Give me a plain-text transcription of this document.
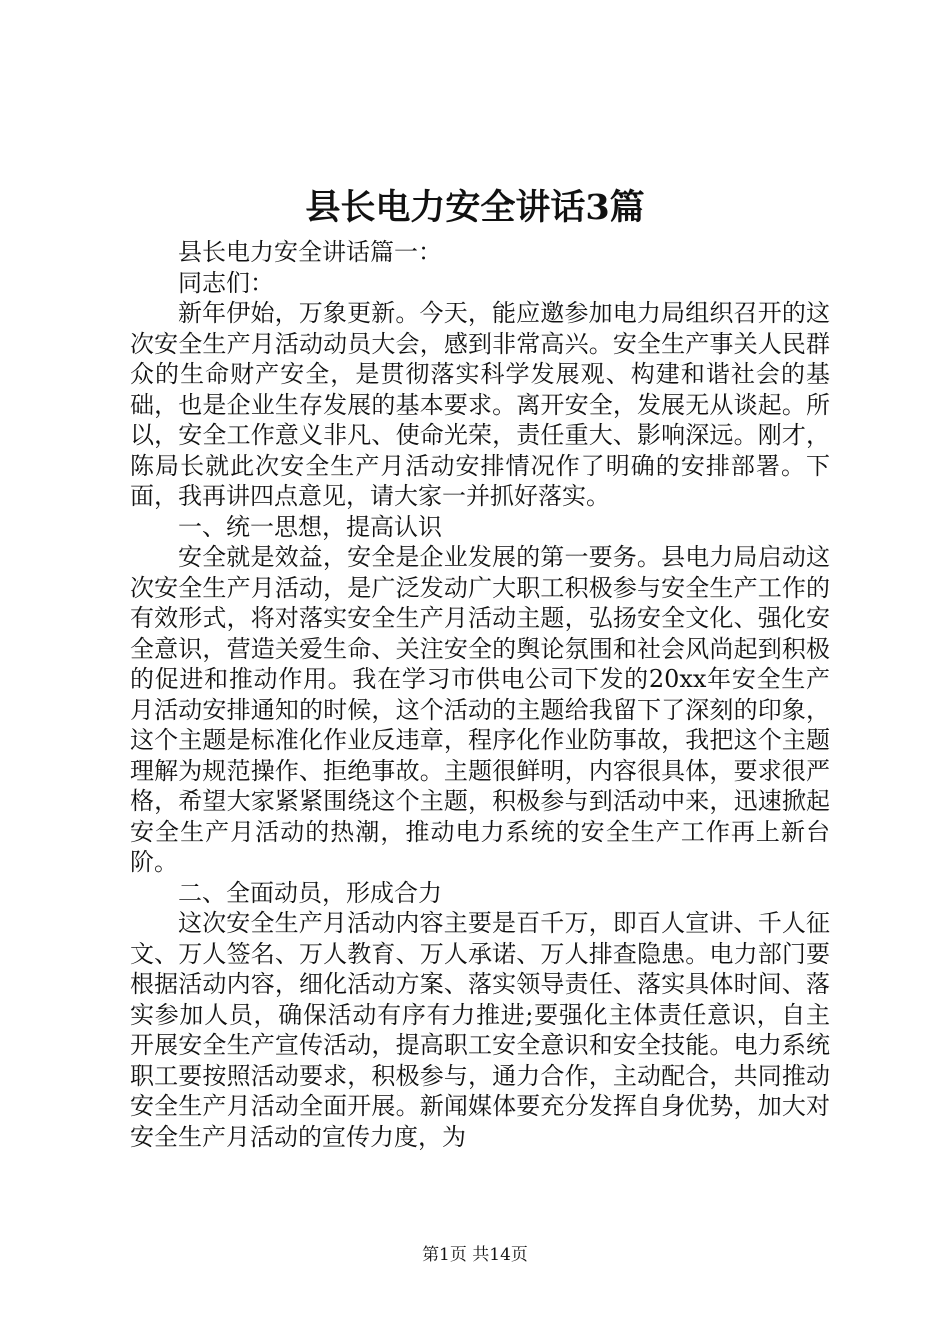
县长电力安全讲话3篇

县长电力安全讲话篇一：

同志们：

新年伊始，万象更新。今天，能应邀参加电力局组织召开的这次安全生产月活动动员大会，感到非常高兴。安全生产事关人民群众的生命财产安全，是贯彻落实科学发展观、构建和谐社会的基础，也是企业生存发展的基本要求。离开安全，发展无从谈起。所以，安全工作意义非凡、使命光荣，责任重大、影响深远。刚才，陈局长就此次安全生产月活动安排情况作了明确的安排部署。下面，我再讲四点意见，请大家一并抓好落实。

一、统一思想，提高认识

安全就是效益，安全是企业发展的第一要务。县电力局启动这次安全生产月活动，是广泛发动广大职工积极参与安全生产工作的有效形式，将对落实安全生产月活动主题，弘扬安全文化、强化安全意识，营造关爱生命、关注安全的舆论氛围和社会风尚起到积极的促进和推动作用。我在学习市供电公司下发的20xx年安全生产月活动安排通知的时候，这个活动的主题给我留下了深刻的印象，这个主题是标准化作业反违章，程序化作业防事故，我把这个主题理解为规范操作、拒绝事故。主题很鲜明，内容很具体，要求很严格，希望大家紧紧围绕这个主题，积极参与到活动中来，迅速掀起安全生产月活动的热潮，推动电力系统的安全生产工作再上新台阶。

二、全面动员，形成合力

这次安全生产月活动内容主要是百千万，即百人宣讲、千人征文、万人签名、万人教育、万人承诺、万人排查隐患。电力部门要根据活动内容，细化活动方案、落实领导责任、落实具体时间、落实参加人员，确保活动有序有力推进;要强化主体责任意识，自主开展安全生产宣传活动，提高职工安全意识和安全技能。电力系统职工要按照活动要求，积极参与，通力合作，主动配合，共同推动安全生产月活动全面开展。新闻媒体要充分发挥自身优势，加大对安全生产月活动的宣传力度，为

第1页 共14页
